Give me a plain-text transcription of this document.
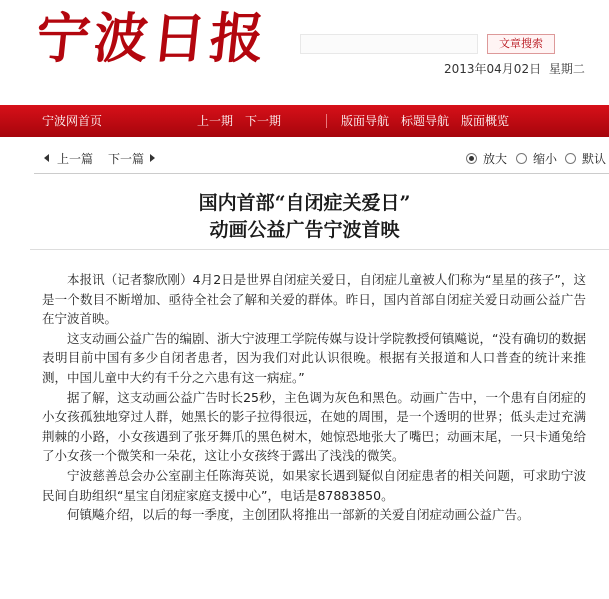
宁波日报	文章搜索
2013年04月02日 星期二
宁波网首页	上一期 下一期	版面导航 标题导航 版面概览
上一篇 下一篇	放大	缩小	默认
国内首部“自闭症关爱日”
动画公益广告宁波首映

本报讯（记者黎欣刚）4月2日是世界自闭症关爱日，自闭症儿童被人们称为“星星的孩子”，这是一个数目不断增加、亟待全社会了解和关爱的群体。昨日，国内首部自闭症关爱日动画公益广告在宁波首映。

这支动画公益广告的编剧、浙大宁波理工学院传媒与设计学院教授何镇飚说，“没有确切的数据表明目前中国有多少自闭者患者，因为我们对此认识很晚。根据有关报道和人口普查的统计来推测，中国儿童中大约有千分之六患有这一病症。”

据了解，这支动画公益广告时长25秒，主色调为灰色和黑色。动画广告中，一个患有自闭症的小女孩孤独地穿过人群，她黑长的影子拉得很远，在她的周围，是一个透明的世界；低头走过充满荆棘的小路，小女孩遇到了张牙舞爪的黑色树木，她惊恐地张大了嘴巴；动画末尾，一只卡通兔给了小女孩一个微笑和一朵花，这让小女孩终于露出了浅浅的微笑。

宁波慈善总会办公室副主任陈海英说，如果家长遇到疑似自闭症患者的相关问题，可求助宁波民间自助组织“星宝自闭症家庭支援中心”，电话是87883850。

何镇飚介绍，以后的每一季度，主创团队将推出一部新的关爱自闭症动画公益广告。
